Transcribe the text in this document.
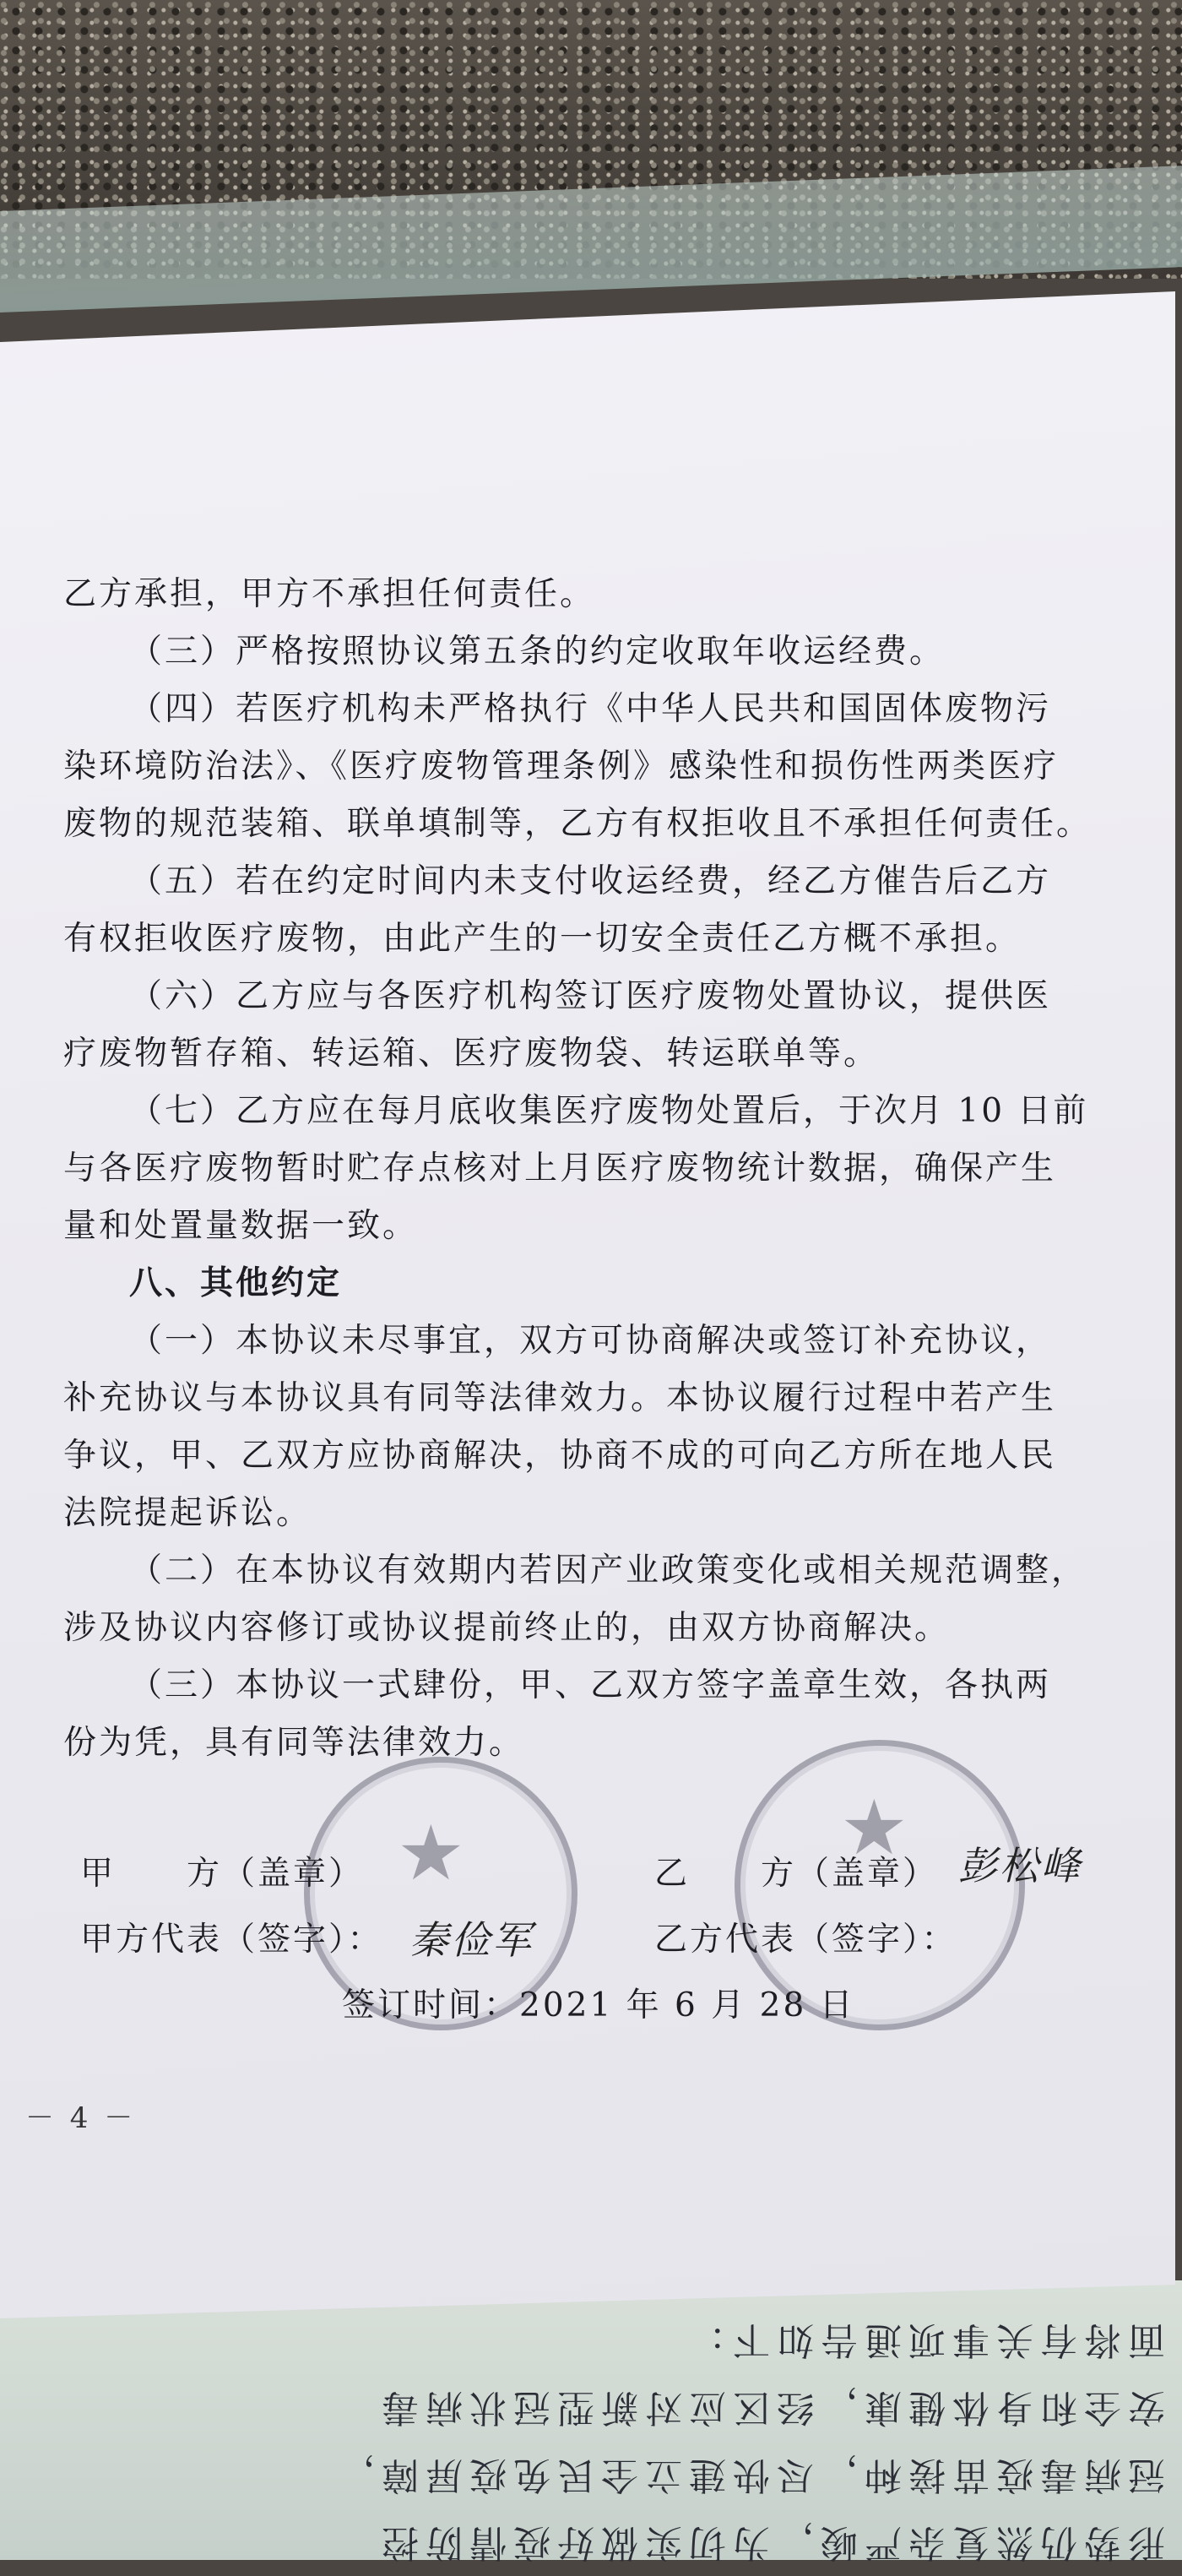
形势仍然复杂严峻，为切实做好疫情防控
冠病毒疫苗接种，尽快建立全民免疫屏障，
安全和身体健康，经区应对新型冠状病毒
面将有关事项通告如下：
乙方承担，甲方不承担任何责任。
（三）严格按照协议第五条的约定收取年收运经费。
（四）若医疗机构未严格执行《中华人民共和国固体废物污
染环境防治法》、《医疗废物管理条例》感染性和损伤性两类医疗
废物的规范装箱、联单填制等，乙方有权拒收且不承担任何责任。
（五）若在约定时间内未支付收运经费，经乙方催告后乙方
有权拒收医疗废物，由此产生的一切安全责任乙方概不承担。
（六）乙方应与各医疗机构签订医疗废物处置协议，提供医
疗废物暂存箱、转运箱、医疗废物袋、转运联单等。
（七）乙方应在每月底收集医疗废物处置后，于次月 10 日前
与各医疗废物暂时贮存点核对上月医疗废物统计数据，确保产生
量和处置量数据一致。
八、其他约定
（一）本协议未尽事宜，双方可协商解决或签订补充协议，
补充协议与本协议具有同等法律效力。本协议履行过程中若产生
争议，甲、乙双方应协商解决，协商不成的可向乙方所在地人民
法院提起诉讼。
（二）在本协议有效期内若因产业政策变化或相关规范调整，
涉及协议内容修订或协议提前终止的，由双方协商解决。
（三）本协议一式肆份，甲、乙双方签字盖章生效，各执两
份为凭，具有同等法律效力。
★	★
甲　　方（盖章）	乙　　方（盖章） 彭松峰
甲方代表（签字）： 秦俭军	乙方代表（签字）：
签订时间：2021 年 6 月 28 日
－ 4 －
